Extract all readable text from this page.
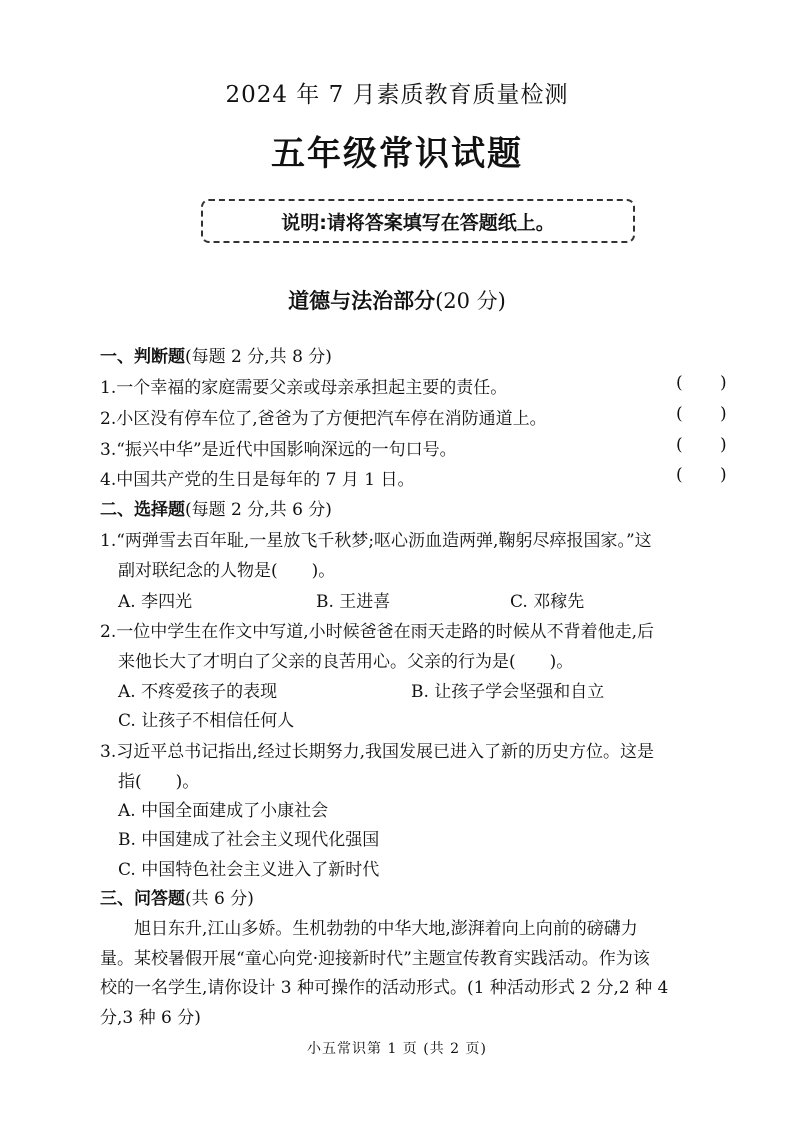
2024 年 7 月素质教育质量检测
五年级常识试题
说明:请将答案填写在答题纸上。
道德与法治部分(20 分)
一、判断题(每题 2 分,共 8 分)
1.一个幸福的家庭需要父亲或母亲承担起主要的责任。	( )
2.小区没有停车位了,爸爸为了方便把汽车停在消防通道上。	( )
3.“振兴中华”是近代中国影响深远的一句口号。	( )
4.中国共产党的生日是每年的 7 月 1 日。	( )
二、选择题(每题 2 分,共 6 分)
1.“两弹雪去百年耻,一星放飞千秋梦;呕心沥血造两弹,鞠躬尽瘁报国家。”这
副对联纪念的人物是(　　)。
A. 李四光	B. 王进喜	C. 邓稼先
2.一位中学生在作文中写道,小时候爸爸在雨天走路的时候从不背着他走,后
来他长大了才明白了父亲的良苦用心。父亲的行为是(　　)。
A. 不疼爱孩子的表现	B. 让孩子学会坚强和自立
C. 让孩子不相信任何人
3.习近平总书记指出,经过长期努力,我国发展已进入了新的历史方位。这是
指(　　)。
A. 中国全面建成了小康社会
B. 中国建成了社会主义现代化强国
C. 中国特色社会主义进入了新时代
三、问答题(共 6 分)
旭日东升,江山多娇。生机勃勃的中华大地,澎湃着向上向前的磅礴力
量。某校暑假开展“童心向党·迎接新时代”主题宣传教育实践活动。作为该
校的一名学生,请你设计 3 种可操作的活动形式。(1 种活动形式 2 分,2 种 4
分,3 种 6 分)
小五常识第 1 页 (共 2 页)
